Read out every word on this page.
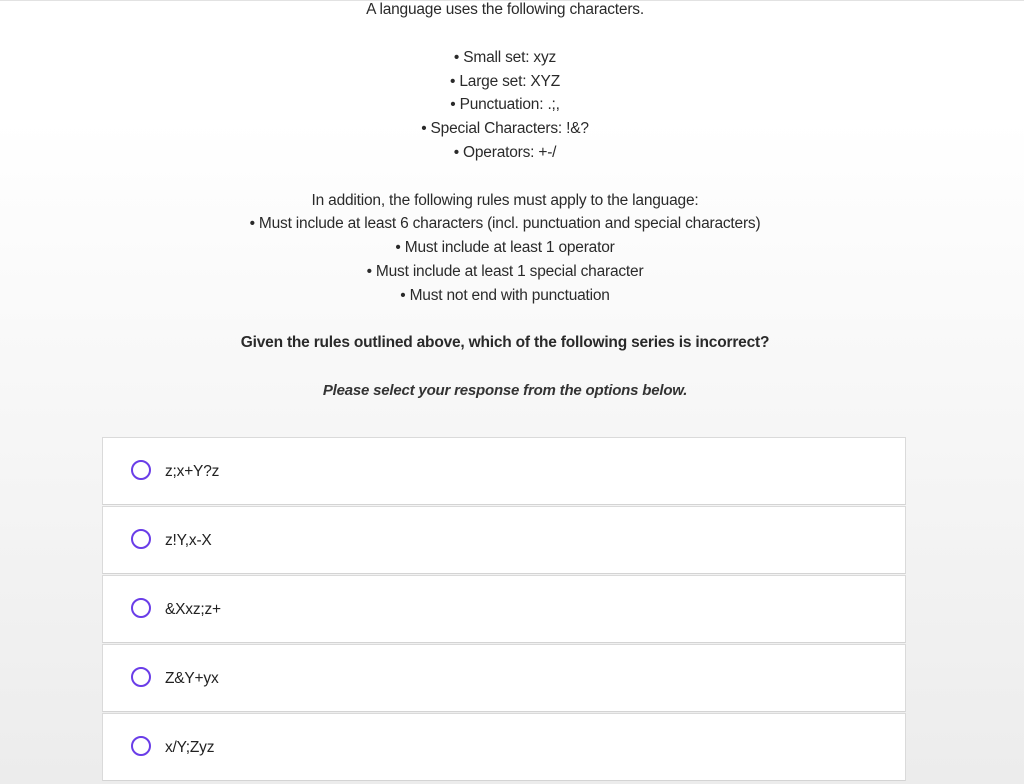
A language uses the following characters.
• Small set: xyz
• Large set: XYZ
• Punctuation: .;,
• Special Characters: !&?
• Operators: +-/
In addition, the following rules must apply to the language:
• Must include at least 6 characters (incl. punctuation and special characters)
• Must include at least 1 operator
• Must include at least 1 special character
• Must not end with punctuation
Given the rules outlined above, which of the following series is incorrect?
Please select your response from the options below.
z;x+Y?z
z!Y,x-X
&Xxz;z+
Z&Y+yx
x/Y;Zyz
